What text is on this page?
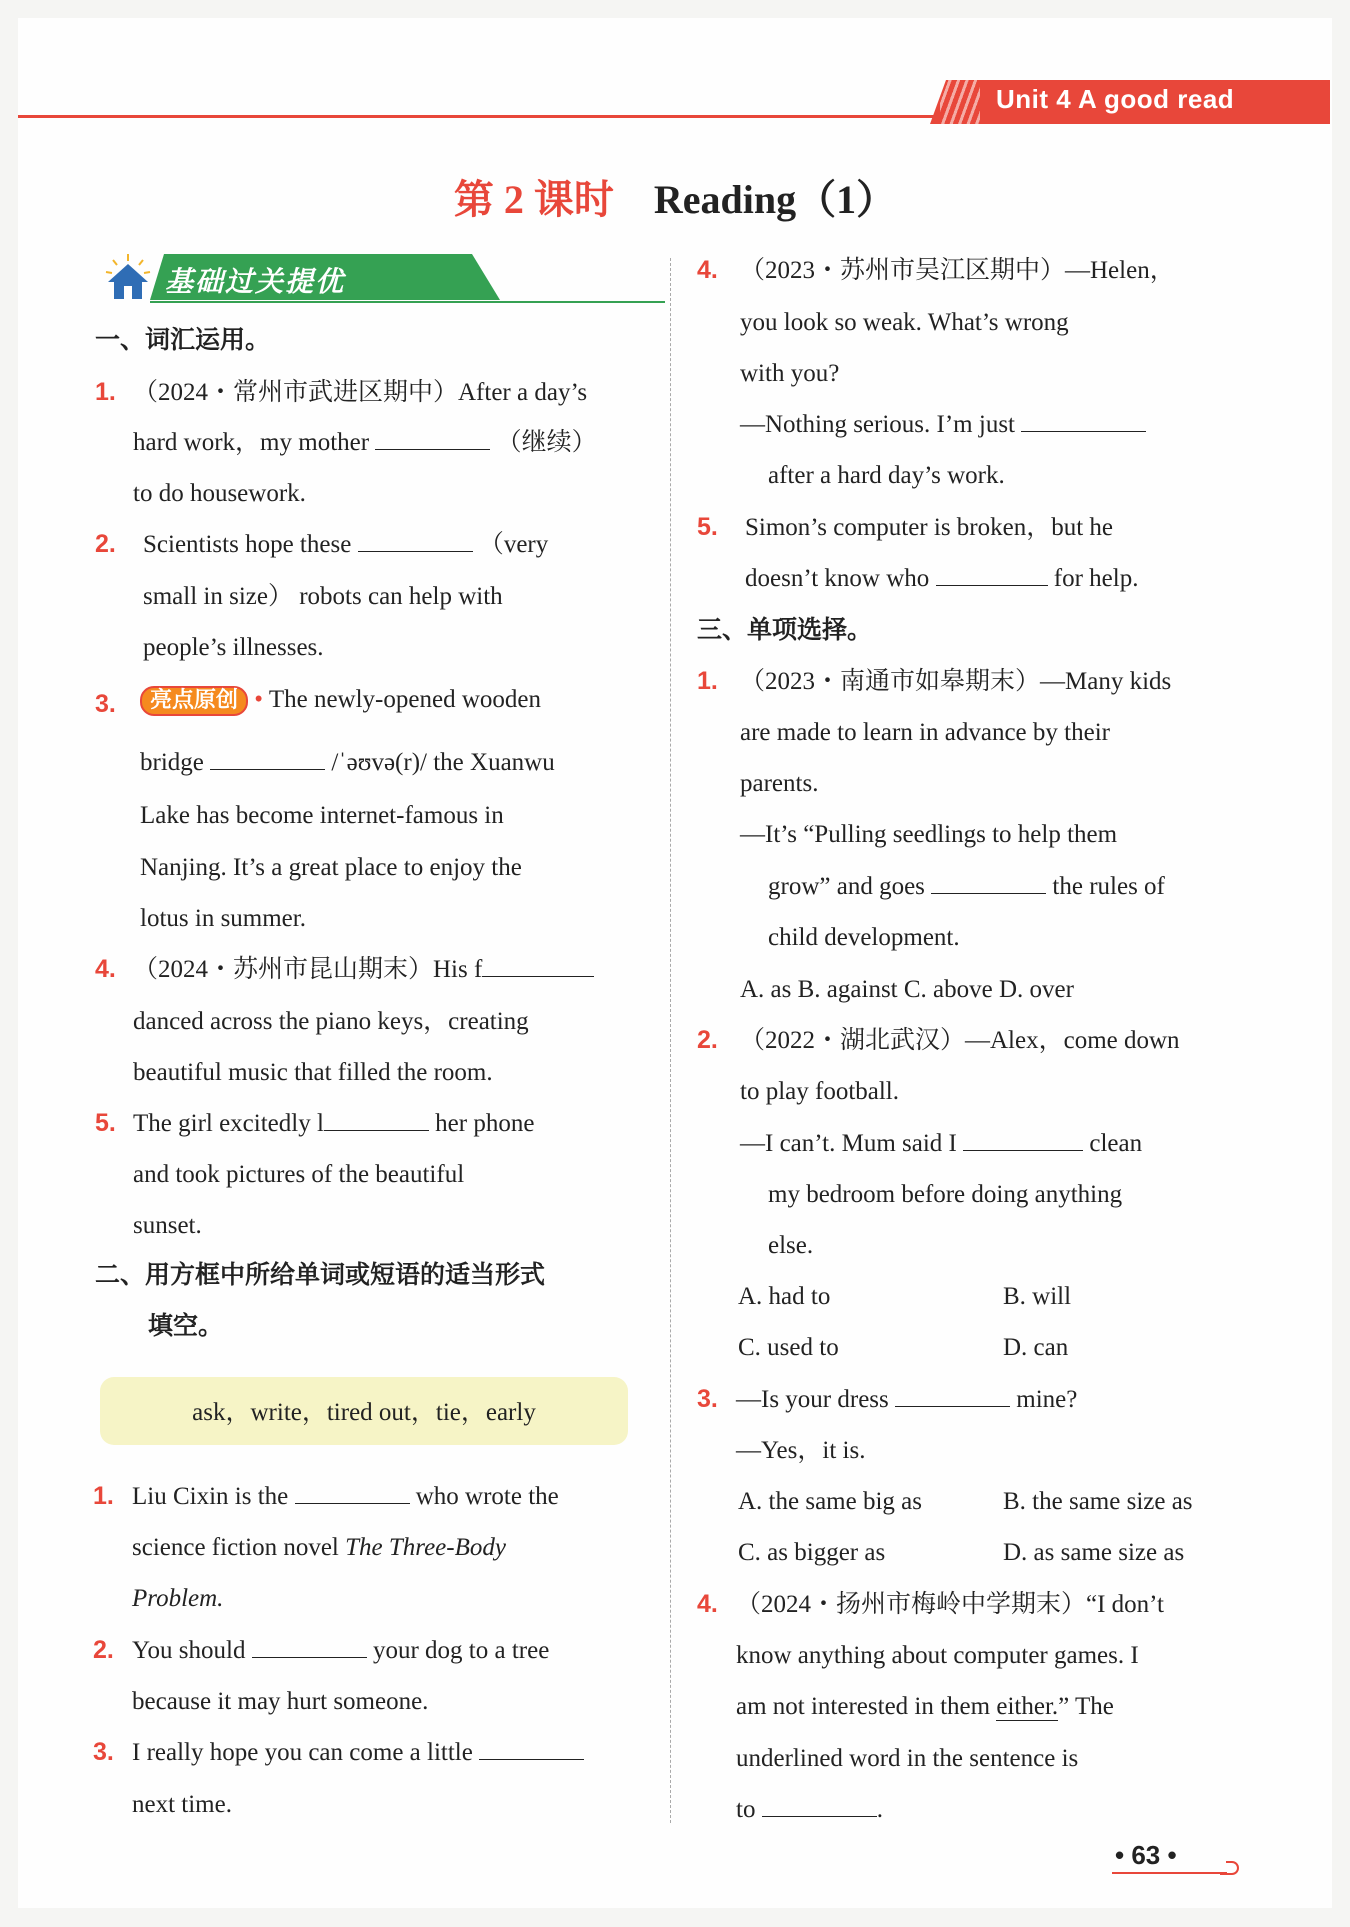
Unit 4 A good read
第 2 课时 Reading（1）
基础过关提优
一、词汇运用。
1. （2024・常州市武进区期中）After a day’s
hard work，my mother	（继续）
to do housework.
2. Scientists hope these	（very
small in size） robots can help with
people’s illnesses.
3.	亮点原创 • The newly-opened wooden
bridge	/ˈəʊvə(r)/ the Xuanwu
Lake has become internet-famous in
Nanjing. It’s a great place to enjoy the
lotus in summer.
4. （2024・苏州市昆山期末）His f
danced across the piano keys，creating
beautiful music that filled the room.
5. The girl excitedly l	her phone
and took pictures of the beautiful
sunset.
二、用方框中所给单词或短语的适当形式
填空。
ask，write，tired out，tie，early
1. Liu Cixin is the	who wrote the
science fiction novel The Three-Body
Problem.
2. You should	your dog to a tree
because it may hurt someone.
3. I really hope you can come a little
next time.
4. （2023・苏州市吴江区期中）—Helen，
you look so weak. What’s wrong
with you?
—Nothing serious. I’m just
after a hard day’s work.
5. Simon’s computer is broken，but he
doesn’t know who	for help.
三、单项选择。
1. （2023・南通市如皋期末）—Many kids
are made to learn in advance by their
parents.
—It’s “Pulling seedlings to help them
grow” and goes	the rules of
child development.
A. as B. against C. above D. over
2. （2022・湖北武汉）—Alex，come down
to play football.
—I can’t. Mum said I	clean
my bedroom before doing anything
else.
A. had to	B. will
C. used to	D. can
3. —Is your dress	mine?
—Yes，it is.
A. the same big as	B. the same size as
C. as bigger as	D. as same size as
4. （2024・扬州市梅岭中学期末）“I don’t
know anything about computer games. I
am not interested in them either.” The
underlined word in the sentence is
to	.
• 63 •
